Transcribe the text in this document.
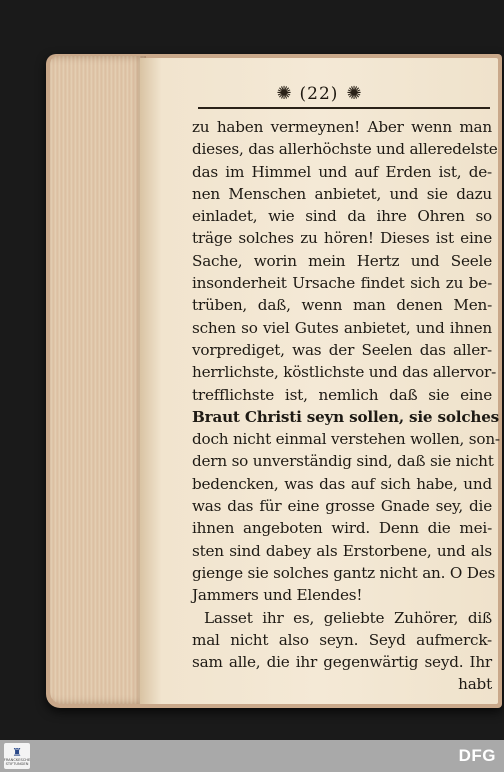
✺ (22) ✺
zu haben vermeynen! Aber wenn man
dieses, das allerhöchste und alleredelste
das im Himmel und auf Erden ist, de-
nen Menschen anbietet, und sie dazu
einladet, wie sind da ihre Ohren so
träge solches zu hören! Dieses ist eine
Sache, worin mein Hertz und Seele
insonderheit Ursache findet sich zu be-
trüben, daß, wenn man denen Men-
schen so viel Gutes anbietet, und ihnen
vorprediget, was der Seelen das aller-
herrlichste, köstlichste und das allervor-
trefflichste ist, nemlich daß sie eine
Braut Christi seyn sollen, sie solches
doch nicht einmal verstehen wollen, son-
dern so unverständig sind, daß sie nicht
bedencken, was das auf sich habe, und
was das für eine grosse Gnade sey, die
ihnen angeboten wird. Denn die mei-
sten sind dabey als Erstorbene, und als
gienge sie solches gantz nicht an. O Des
Jammers und Elendes!
Lasset ihr es, geliebte Zuhörer, diß
mal nicht also seyn. Seyd aufmerck-
sam alle, die ihr gegenwärtig seyd. Ihr
habt
♜
FRANCKESCHE STIFTUNGEN	DFG
